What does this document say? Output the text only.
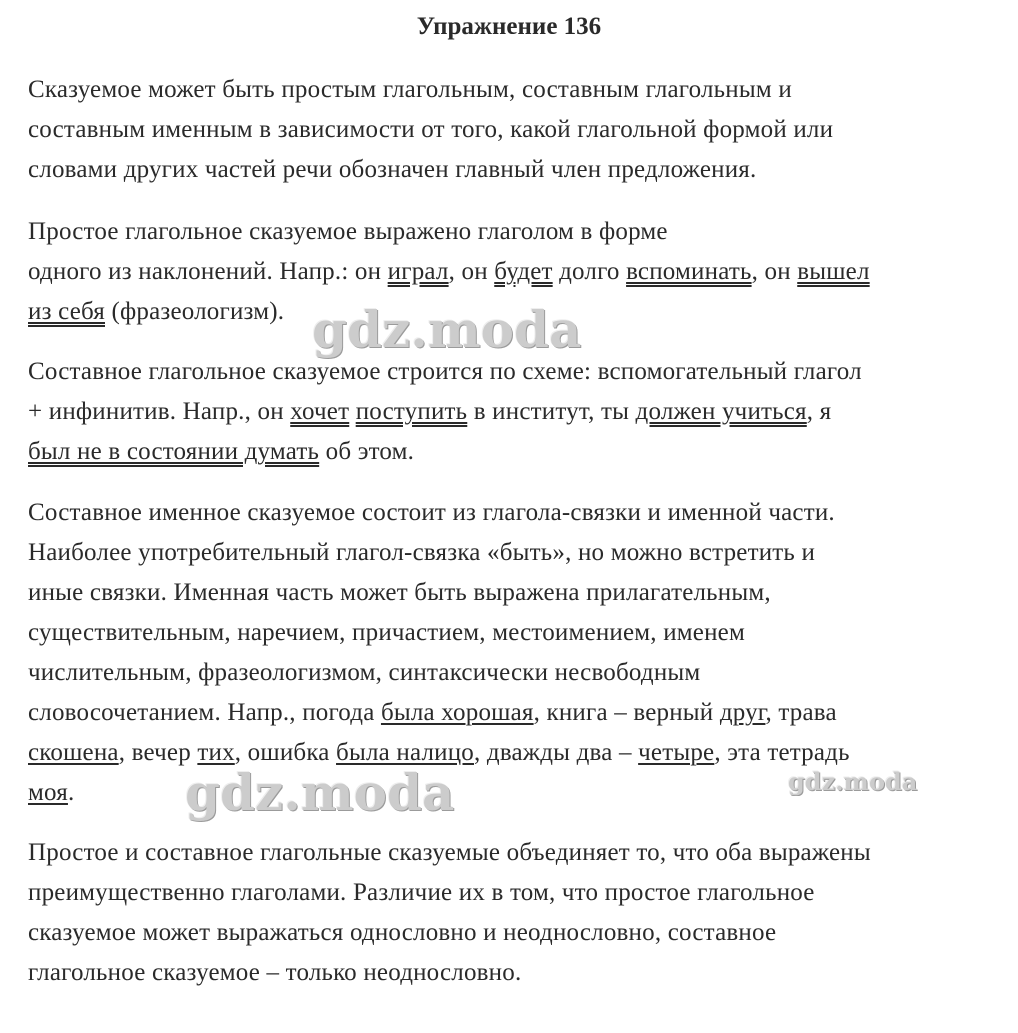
Упражнение 136
Сказуемое может быть простым глагольным, составным глагольным и
составным именным в зависимости от того, какой глагольной формой или
словами других частей речи обозначен главный член предложения.
Простое глагольное сказуемое выражено глаголом в форме
одного из наклонений. Напр.: он играл, он будет долго вспоминать, он вышел
из себя (фразеологизм).
Составное глагольное сказуемое строится по схеме: вспомогательный глагол
+ инфинитив. Напр., он хочет поступить в институт, ты должен учиться, я
был не в состоянии думать об этом.
Составное именное сказуемое состоит из глагола-связки и именной части.
Наиболее употребительный глагол-связка «быть», но можно встретить и
иные связки. Именная часть может быть выражена прилагательным,
существительным, наречием, причастием, местоимением, именем
числительным, фразеологизмом, синтаксически несвободным
словосочетанием. Напр., погода была хорошая, книга – верный друг, трава
скошена, вечер тих, ошибка была налицо, дважды два – четыре, эта тетрадь
моя.
Простое и составное глагольные сказуемые объединяет то, что оба выражены
преимущественно глаголами. Различие их в том, что простое глагольное
сказуемое может выражаться однословно и неоднословно, составное
глагольное сказуемое – только неоднословно.
gdz.moda
gdz.moda	gdz.moda
